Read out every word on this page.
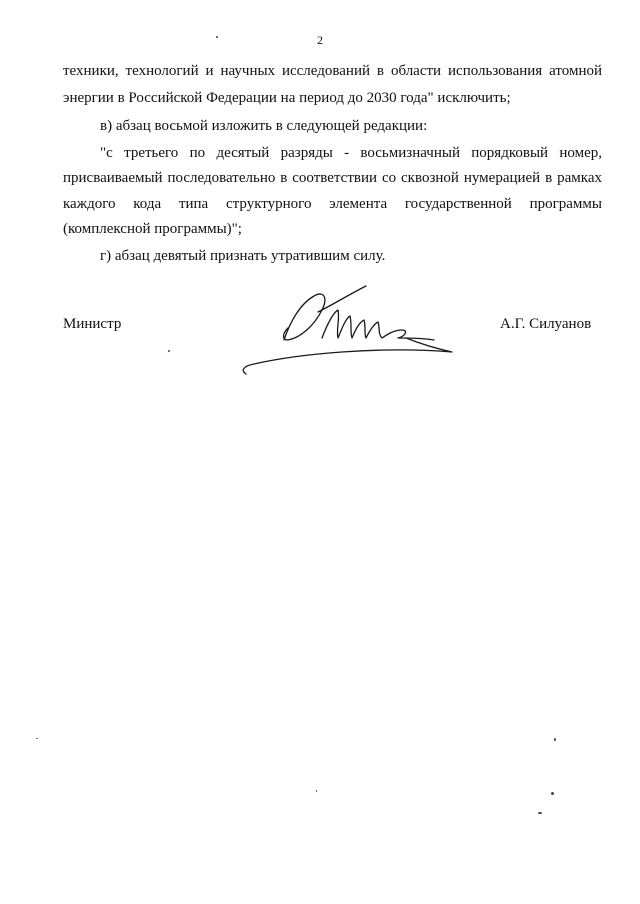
2
техники, технологий и научных исследований в области использования атомной
энергии в Российской Федерации на период до 2030 года" исключить;
в) абзац восьмой изложить в следующей редакции:
"с третьего по десятый разряды - восьмизначный порядковый номер,
присваиваемый последовательно в соответствии со сквозной нумерацией в рамках
каждого кода типа структурного элемента государственной программы
(комплексной программы)";
г) абзац девятый признать утратившим силу.
Министр	А.Г. Силуанов
